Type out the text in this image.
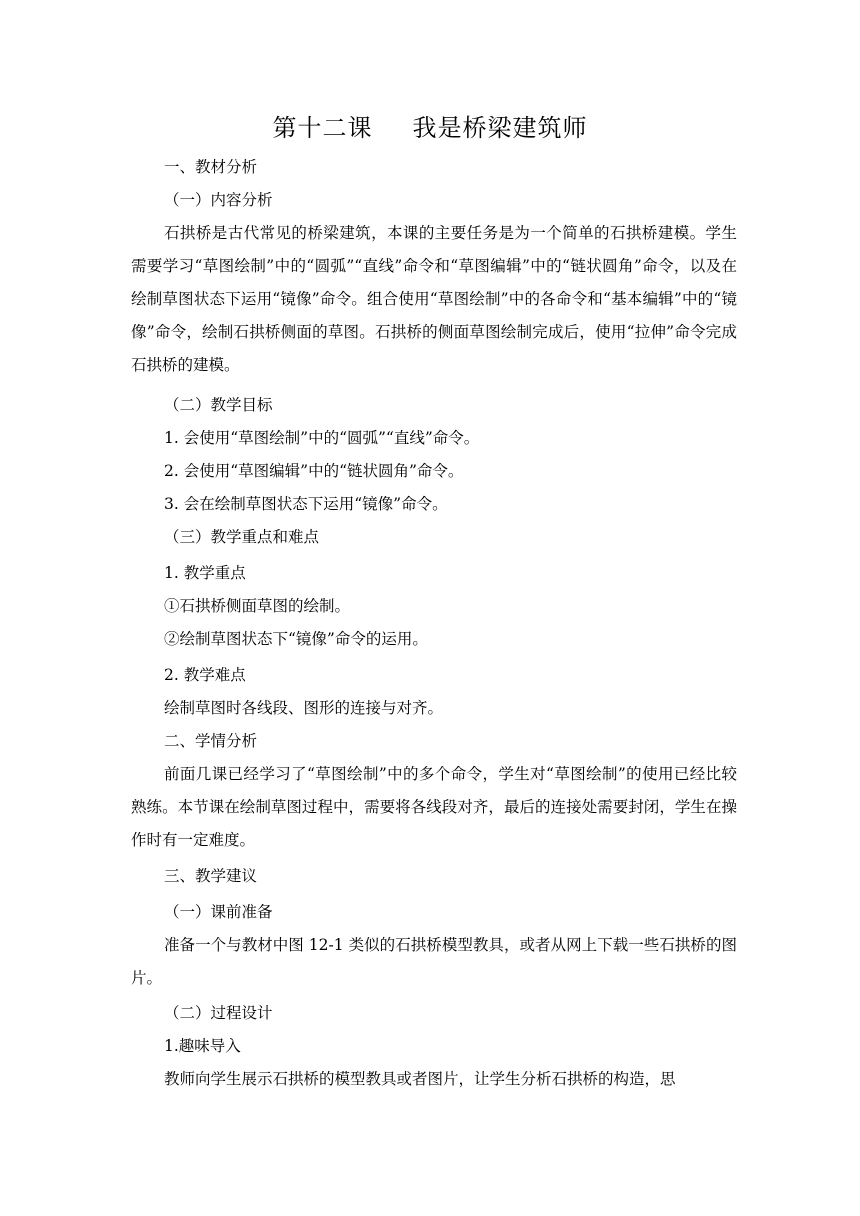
第十二课 我是桥梁建筑师
一、教材分析
（一）内容分析
石拱桥是古代常见的桥梁建筑，本课的主要任务是为一个简单的石拱桥建模。学生需要学习“草图绘制”中的“圆弧”“直线”命令和“草图编辑”中的“链状圆角”命令，以及在绘制草图状态下运用“镜像”命令。组合使用“草图绘制”中的各命令和“基本编辑”中的“镜像”命令，绘制石拱桥侧面的草图。石拱桥的侧面草图绘制完成后，使用“拉伸”命令完成石拱桥的建模。
（二）教学目标
1. 会使用“草图绘制”中的“圆弧”“直线”命令。
2. 会使用“草图编辑”中的“链状圆角”命令。
3. 会在绘制草图状态下运用“镜像”命令。
（三）教学重点和难点
1. 教学重点
①石拱桥侧面草图的绘制。
②绘制草图状态下“镜像”命令的运用。
2. 教学难点
绘制草图时各线段、图形的连接与对齐。
二、学情分析
前面几课已经学习了“草图绘制”中的多个命令，学生对“草图绘制”的使用已经比较熟练。本节课在绘制草图过程中，需要将各线段对齐，最后的连接处需要封闭，学生在操作时有一定难度。
三、教学建议
（一）课前准备
准备一个与教材中图 12-1 类似的石拱桥模型教具，或者从网上下载一些石拱桥的图片。
（二）过程设计
1.趣味导入
教师向学生展示石拱桥的模型教具或者图片，让学生分析石拱桥的构造，思
